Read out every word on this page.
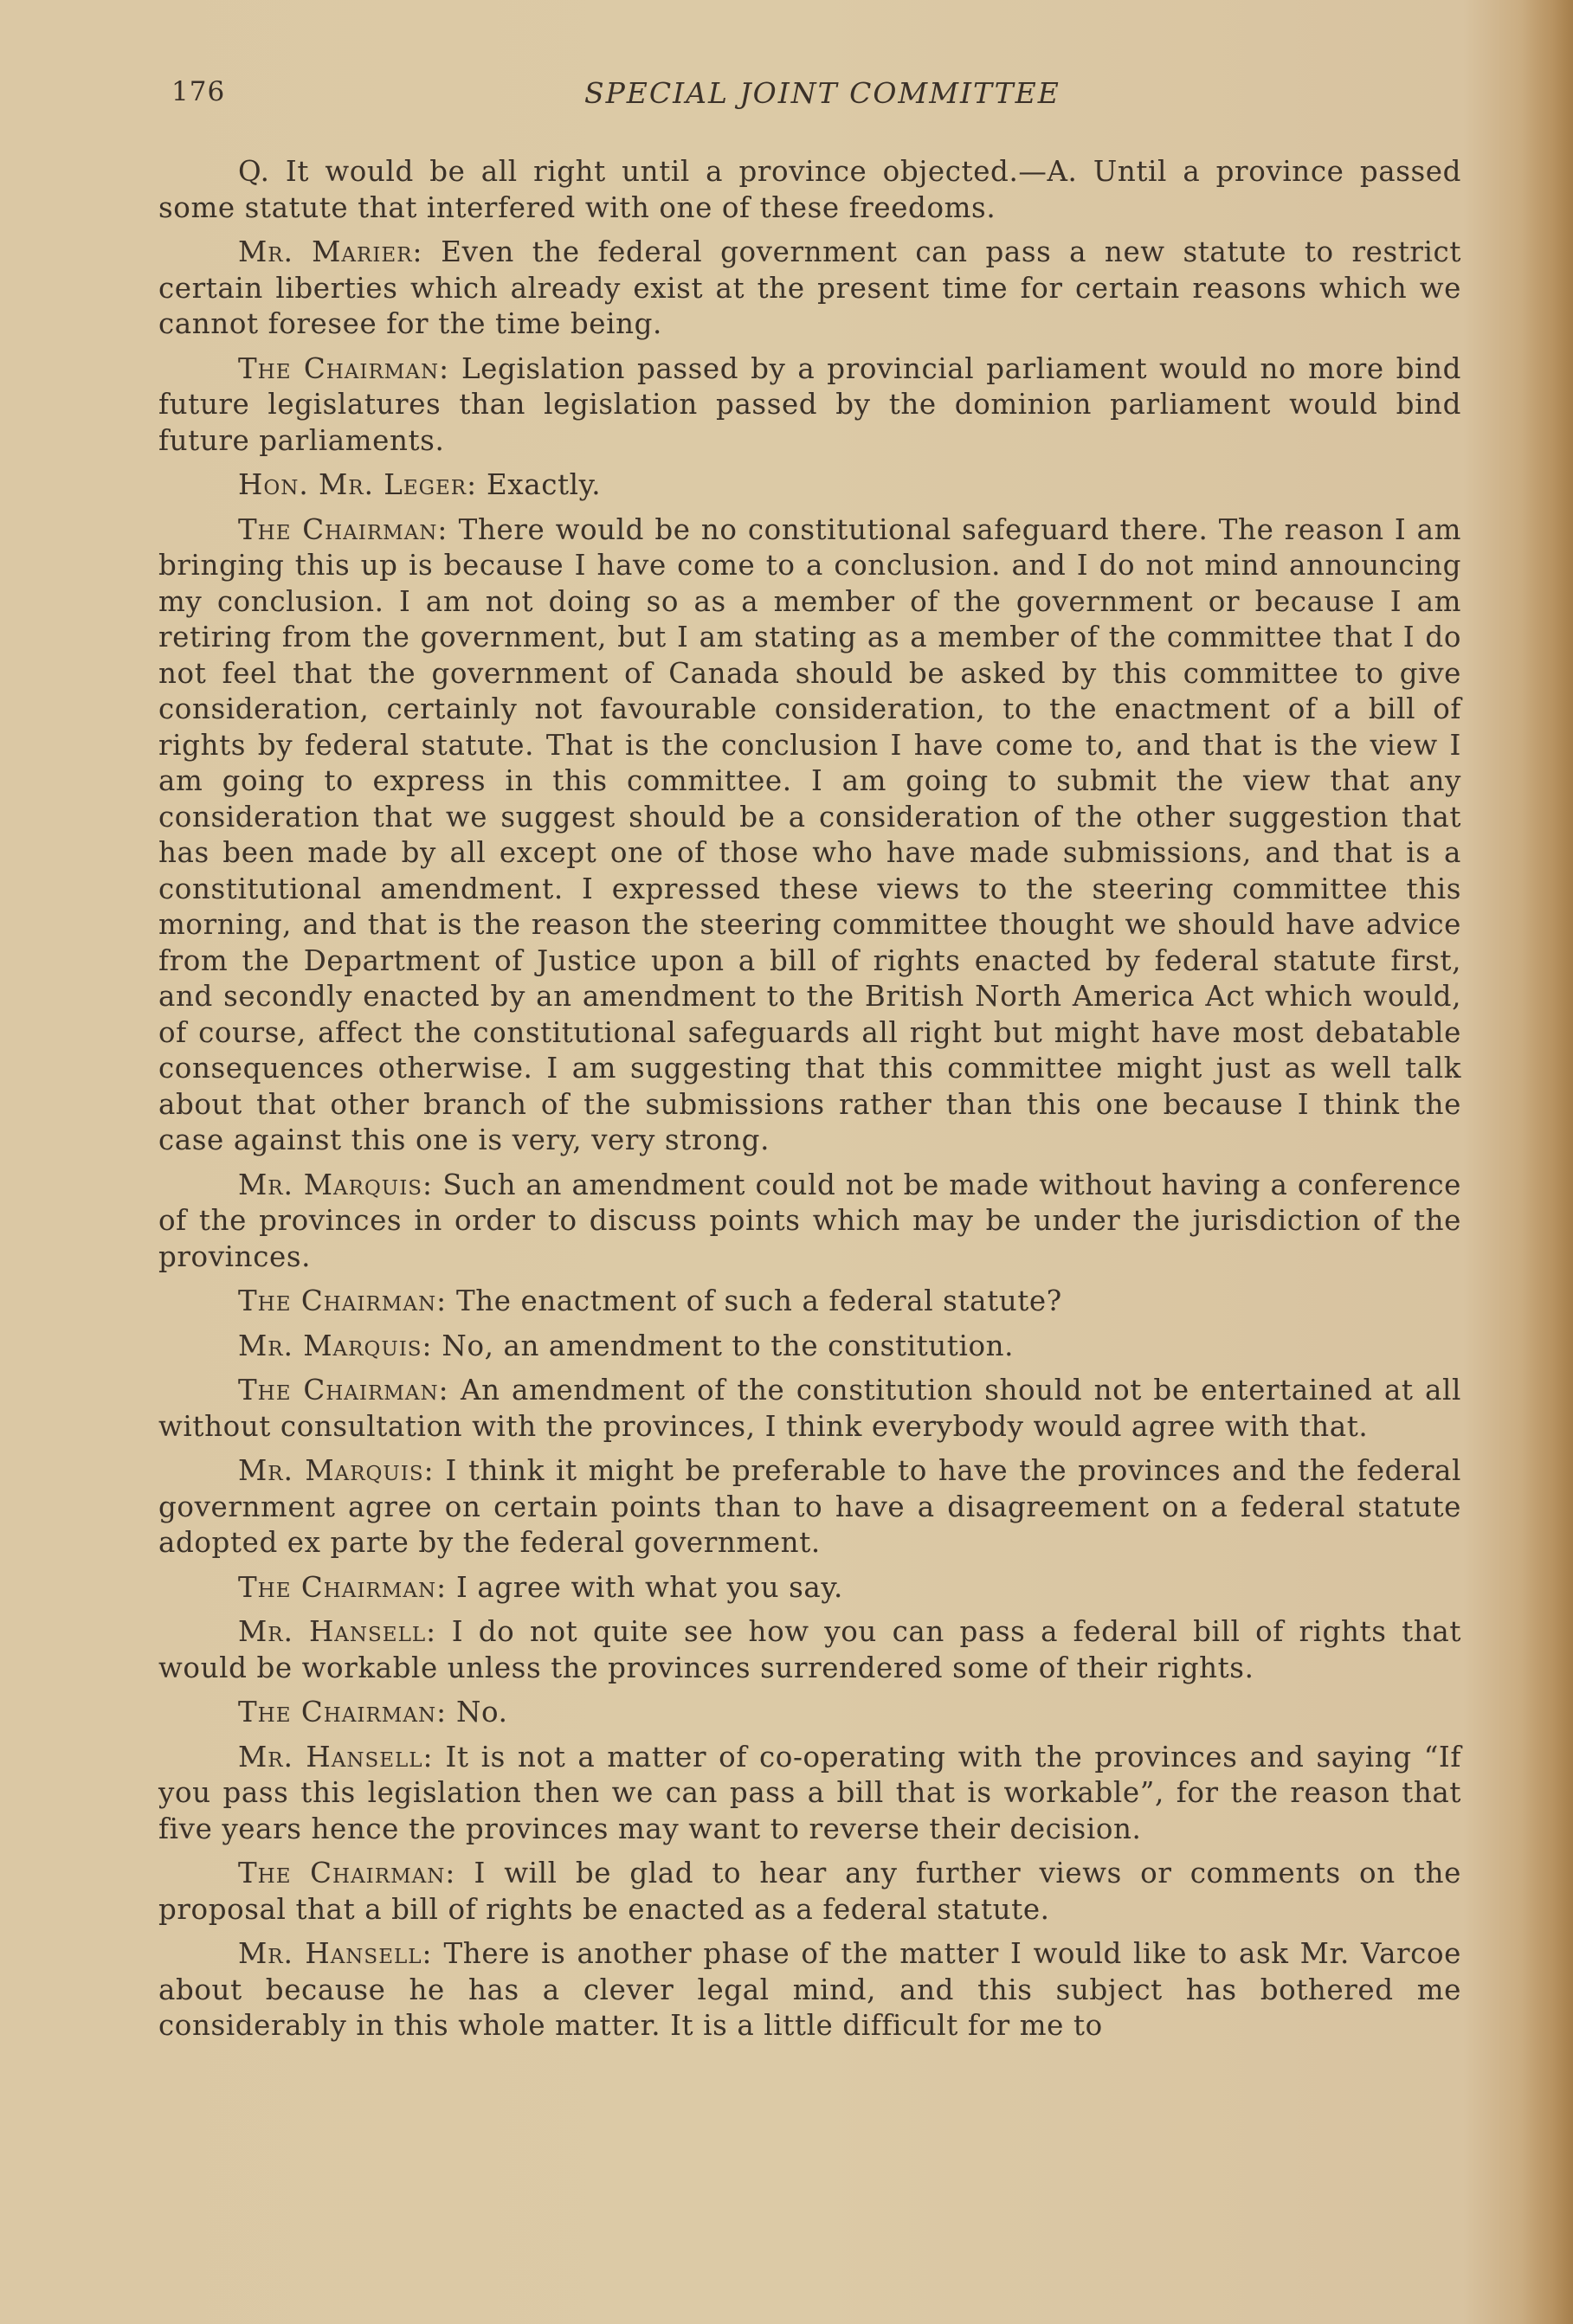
176	SPECIAL JOINT COMMITTEE

Q. It would be all right until a province objected.—A. Until a province passed some statute that interfered with one of these freedoms.

Mr. Marier: Even the federal government can pass a new statute to restrict certain liberties which already exist at the present time for certain reasons which we cannot foresee for the time being.

The Chairman: Legislation passed by a provincial parliament would no more bind future legislatures than legislation passed by the dominion parliament would bind future parliaments.

Hon. Mr. Leger: Exactly.

The Chairman: There would be no constitutional safeguard there. The reason I am bringing this up is because I have come to a conclusion. and I do not mind announcing my conclusion. I am not doing so as a member of the government or because I am retiring from the government, but I am stating as a member of the committee that I do not feel that the government of Canada should be asked by this committee to give consideration, certainly not favourable consideration, to the enactment of a bill of rights by federal statute. That is the conclusion I have come to, and that is the view I am going to express in this committee. I am going to submit the view that any consideration that we suggest should be a consideration of the other suggestion that has been made by all except one of those who have made submissions, and that is a constitutional amendment. I expressed these views to the steering committee this morning, and that is the reason the steering committee thought we should have advice from the Department of Justice upon a bill of rights enacted by federal statute first, and secondly enacted by an amendment to the British North America Act which would, of course, affect the constitutional safeguards all right but might have most debatable consequences otherwise. I am suggesting that this committee might just as well talk about that other branch of the submissions rather than this one because I think the case against this one is very, very strong.

Mr. Marquis: Such an amendment could not be made without having a conference of the provinces in order to discuss points which may be under the jurisdiction of the provinces.

The Chairman: The enactment of such a federal statute?

Mr. Marquis: No, an amendment to the constitution.

The Chairman: An amendment of the constitution should not be entertained at all without consultation with the provinces, I think everybody would agree with that.

Mr. Marquis: I think it might be preferable to have the provinces and the federal government agree on certain points than to have a disagreement on a federal statute adopted ex parte by the federal government.

The Chairman: I agree with what you say.

Mr. Hansell: I do not quite see how you can pass a federal bill of rights that would be workable unless the provinces surrendered some of their rights.

The Chairman: No.

Mr. Hansell: It is not a matter of co-operating with the provinces and saying “If you pass this legislation then we can pass a bill that is workable”, for the reason that five years hence the provinces may want to reverse their decision.

The Chairman: I will be glad to hear any further views or comments on the proposal that a bill of rights be enacted as a federal statute.

Mr. Hansell: There is another phase of the matter I would like to ask Mr. Varcoe about because he has a clever legal mind, and this subject has bothered me considerably in this whole matter. It is a little difficult for me to
